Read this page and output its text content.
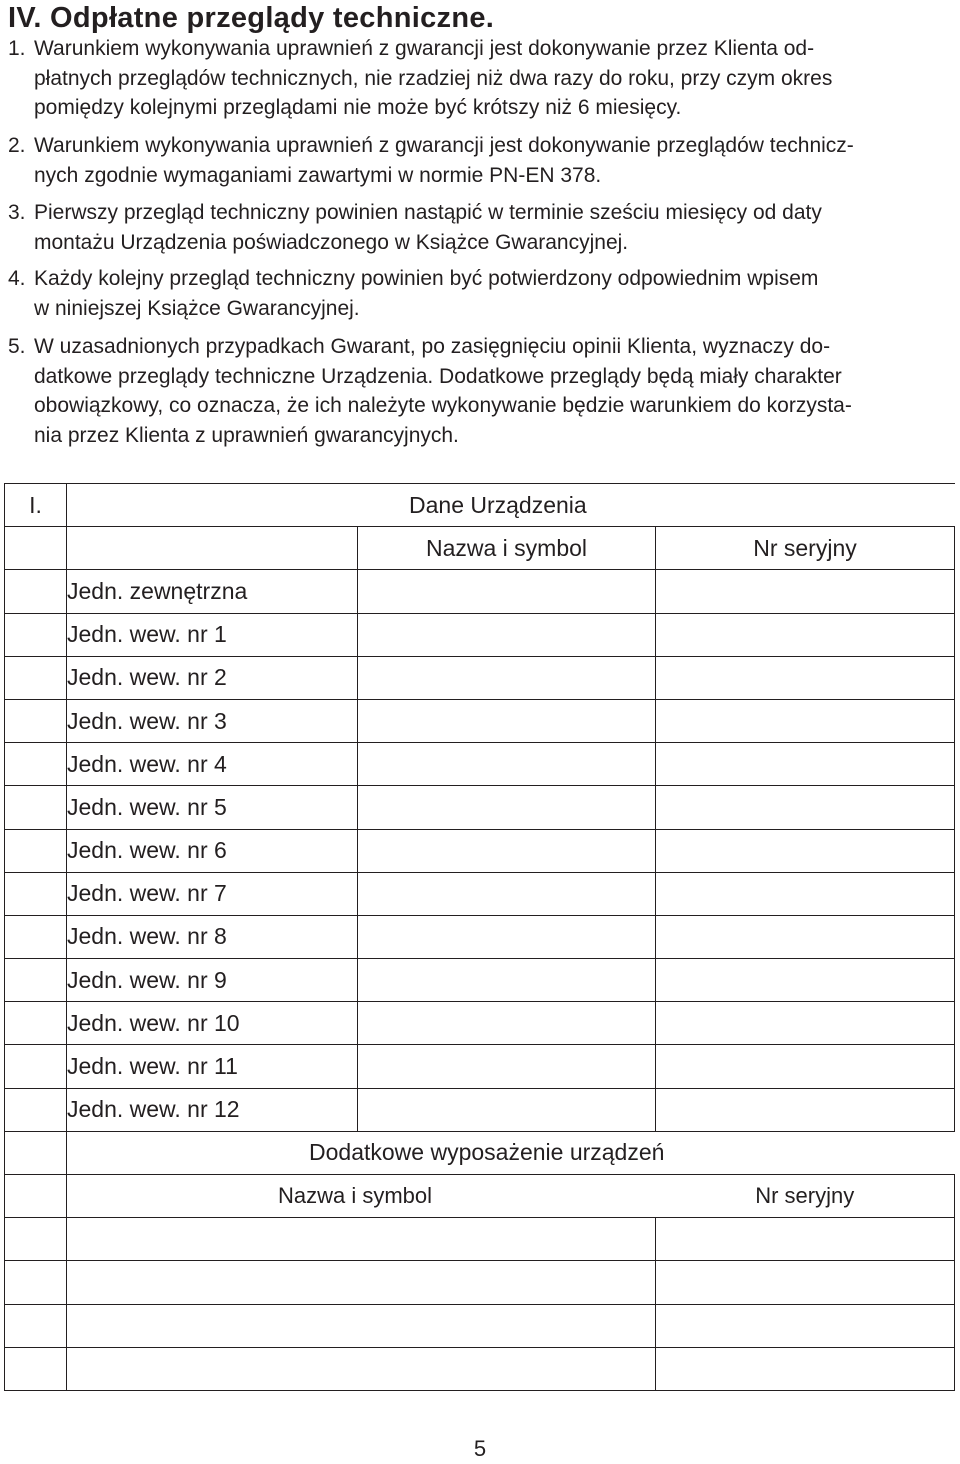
IV. Odpłatne przeglądy techniczne.
1. Warunkiem wykonywania uprawnień z gwarancji jest dokonywanie przez Klienta od-
płatnych przeglądów technicznych, nie rzadziej niż dwa razy do roku, przy czym okres
pomiędzy kolejnymi przeglądami nie może być krótszy niż 6 miesięcy.
2. Warunkiem wykonywania uprawnień z gwarancji jest dokonywanie przeglądów technicz-
nych zgodnie wymaganiami zawartymi w normie PN-EN 378.
3. Pierwszy przegląd techniczny powinien nastąpić w terminie sześciu miesięcy od daty
montażu Urządzenia poświadczonego w Książce Gwarancyjnej.
4. Każdy kolejny przegląd techniczny powinien być potwierdzony odpowiednim wpisem
w niniejszej Książce Gwarancyjnej.
5. W uzasadnionych przypadkach Gwarant, po zasięgnięciu opinii Klienta, wyznaczy do-
datkowe przeglądy techniczne Urządzenia. Dodatkowe przeglądy będą miały charakter
obowiązkowy, co oznacza, że ich należyte wykonywanie będzie warunkiem do korzysta-
nia przez Klienta z uprawnień gwarancyjnych.
I.	Dane Urządzenia		
		Nazwa i symbol	Nr seryjny
	Jedn. zewnętrzna		
	Jedn. wew. nr 1		
	Jedn. wew. nr 2		
	Jedn. wew. nr 3		
	Jedn. wew. nr 4		
	Jedn. wew. nr 5		
	Jedn. wew. nr 6		
	Jedn. wew. nr 7		
	Jedn. wew. nr 8		
	Jedn. wew. nr 9		
	Jedn. wew. nr 10		
	Jedn. wew. nr 11		
	Jedn. wew. nr 12		
	Dodatkowe wyposażenie urządzeń		
	Nazwa i symbol		Nr seryjny

5
